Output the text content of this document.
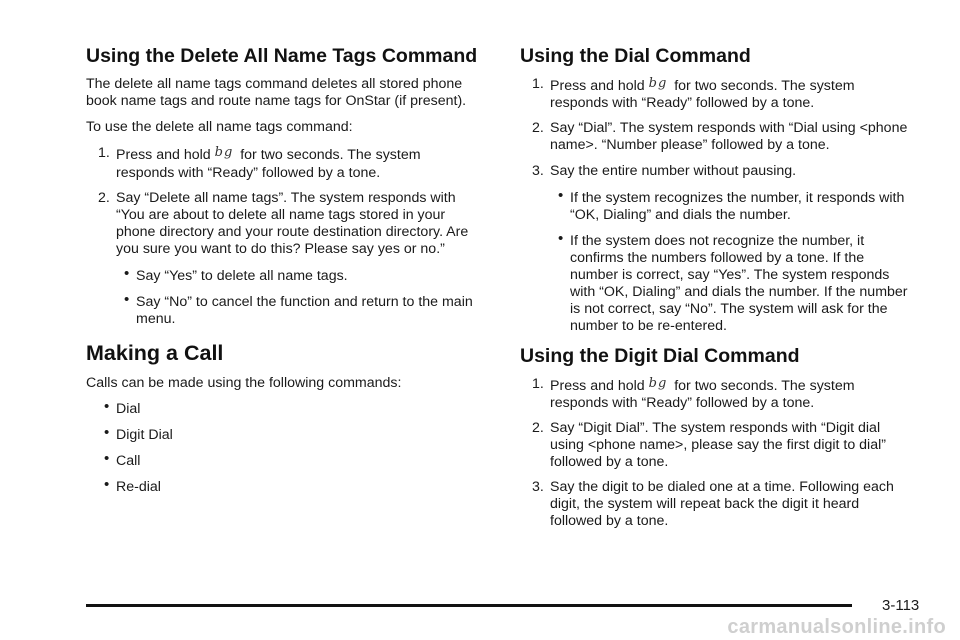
Using the Delete All Name Tags Command

The delete all name tags command deletes all stored phone book name tags and route name tags for OnStar (if present).

To use the delete all name tags command:

1. Press and hold bg for two seconds. The system responds with “Ready” followed by a tone.
2. Say “Delete all name tags”. The system responds with “You are about to delete all name tags stored in your phone directory and your route destination directory. Are you sure you want to do this? Please say yes or no.”
• Say “Yes” to delete all name tags.
• Say “No” to cancel the function and return to the main menu.
Making a Call

Calls can be made using the following commands:

• Dial
• Digit Dial
• Call
• Re-dial
Using the Dial Command
1. Press and hold bg for two seconds. The system responds with “Ready” followed by a tone.
2. Say “Dial”. The system responds with “Dial using <phone name>. “Number please” followed by a tone.
3. Say the entire number without pausing.
• If the system recognizes the number, it responds with “OK, Dialing” and dials the number.
• If the system does not recognize the number, it confirms the numbers followed by a tone. If the number is correct, say “Yes”. The system responds with “OK, Dialing” and dials the number. If the number is not correct, say “No”. The system will ask for the number to be re-entered.
Using the Digit Dial Command
1. Press and hold bg for two seconds. The system responds with “Ready” followed by a tone.
2. Say “Digit Dial”. The system responds with “Digit dial using <phone name>, please say the first digit to dial” followed by a tone.
3. Say the digit to be dialed one at a time. Following each digit, the system will repeat back the digit it heard followed by a tone.
3-113
carmanualsonline.info
